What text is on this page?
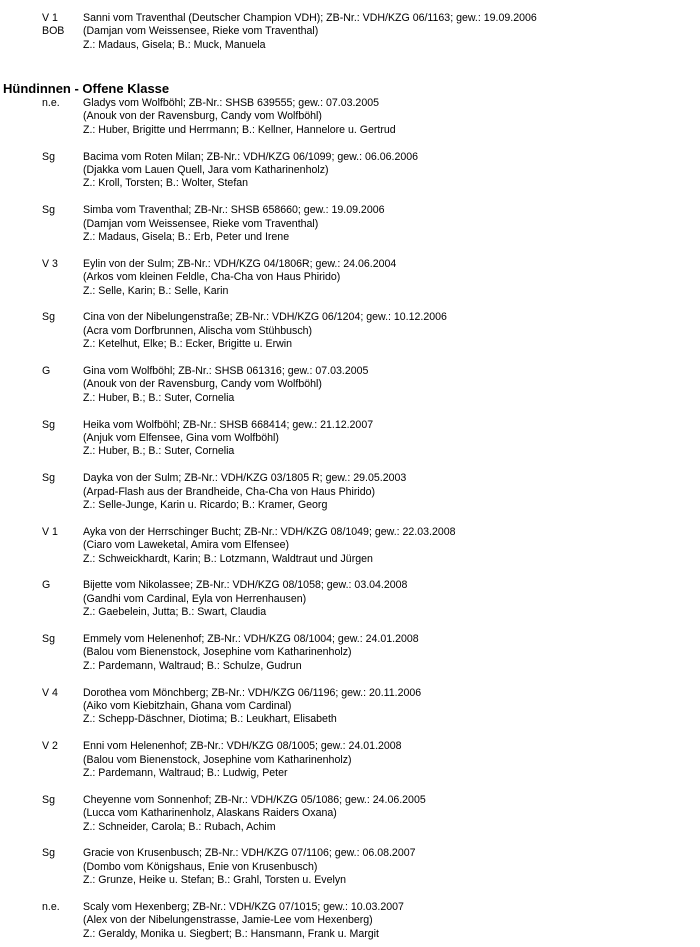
V 1
BOB
Sanni vom Traventhal (Deutscher Champion VDH); ZB-Nr.: VDH/KZG 06/1163; gew.: 19.09.2006
(Damjan vom Weissensee, Rieke vom Traventhal)
Z.: Madaus, Gisela; B.: Muck, Manuela
Hündinnen - Offene Klasse
n.e. Gladys vom Wolfböhl; ZB-Nr.: SHSB 639555; gew.: 07.03.2005
(Anouk von der Ravensburg, Candy vom Wolfböhl)
Z.: Huber, Brigitte und Herrmann; B.: Kellner, Hannelore u. Gertrud
Sg	Bacima vom Roten Milan; ZB-Nr.: VDH/KZG 06/1099; gew.: 06.06.2006
(Djakka vom Lauen Quell, Jara vom Katharinenholz)
Z.: Kroll, Torsten; B.: Wolter, Stefan
Sg	Simba vom Traventhal; ZB-Nr.: SHSB 658660; gew.: 19.09.2006
(Damjan vom Weissensee, Rieke vom Traventhal)
Z.: Madaus, Gisela; B.: Erb, Peter und Irene
V 3 Eylin von der Sulm; ZB-Nr.: VDH/KZG 04/1806R; gew.: 24.06.2004
(Arkos vom kleinen Feldle, Cha-Cha von Haus Phirido)
Z.: Selle, Karin; B.: Selle, Karin
Sg	Cina von der Nibelungenstraße; ZB-Nr.: VDH/KZG 06/1204; gew.: 10.12.2006
(Acra vom Dorfbrunnen, Alischa vom Stühbusch)
Z.: Ketelhut, Elke; B.: Ecker, Brigitte u. Erwin
G	Gina vom Wolfböhl; ZB-Nr.: SHSB 061316; gew.: 07.03.2005
(Anouk von der Ravensburg, Candy vom Wolfböhl)
Z.: Huber, B.; B.: Suter, Cornelia
Sg	Heika vom Wolfböhl; ZB-Nr.: SHSB 668414; gew.: 21.12.2007
(Anjuk vom Elfensee, Gina vom Wolfböhl)
Z.: Huber, B.; B.: Suter, Cornelia
Sg	Dayka von der Sulm; ZB-Nr.: VDH/KZG 03/1805 R; gew.: 29.05.2003
(Arpad-Flash aus der Brandheide, Cha-Cha von Haus Phirido)
Z.: Selle-Junge, Karin u. Ricardo; B.: Kramer, Georg
V 1 Ayka von der Herrschinger Bucht; ZB-Nr.: VDH/KZG 08/1049; gew.: 22.03.2008
(Ciaro vom Laweketal, Amira vom Elfensee)
Z.: Schweickhardt, Karin; B.: Lotzmann, Waldtraut und Jürgen
G	Bijette vom Nikolassee; ZB-Nr.: VDH/KZG 08/1058; gew.: 03.04.2008
(Gandhi vom Cardinal, Eyla von Herrenhausen)
Z.: Gaebelein, Jutta; B.: Swart, Claudia
Sg	Emmely vom Helenenhof; ZB-Nr.: VDH/KZG 08/1004; gew.: 24.01.2008
(Balou vom Bienenstock, Josephine vom Katharinenholz)
Z.: Pardemann, Waltraud; B.: Schulze, Gudrun
V 4 Dorothea vom Mönchberg; ZB-Nr.: VDH/KZG 06/1196; gew.: 20.11.2006
(Aiko vom Kiebitzhain, Ghana vom Cardinal)
Z.: Schepp-Däschner, Diotima; B.: Leukhart, Elisabeth
V 2 Enni vom Helenenhof; ZB-Nr.: VDH/KZG 08/1005; gew.: 24.01.2008
(Balou vom Bienenstock, Josephine vom Katharinenholz)
Z.: Pardemann, Waltraud; B.: Ludwig, Peter
Sg	Cheyenne vom Sonnenhof; ZB-Nr.: VDH/KZG 05/1086; gew.: 24.06.2005
(Lucca vom Katharinenholz, Alaskans Raiders Oxana)
Z.: Schneider, Carola; B.: Rubach, Achim
Sg	Gracie von Krusenbusch; ZB-Nr.: VDH/KZG 07/1106; gew.: 06.08.2007
(Dombo vom Königshaus, Enie von Krusenbusch)
Z.: Grunze, Heike u. Stefan; B.: Grahl, Torsten u. Evelyn
n.e. Scaly vom Hexenberg; ZB-Nr.: VDH/KZG 07/1015; gew.: 10.03.2007
(Alex von der Nibelungenstrasse, Jamie-Lee vom Hexenberg)
Z.: Geraldy, Monika u. Siegbert; B.: Hansmann, Frank u. Margit
